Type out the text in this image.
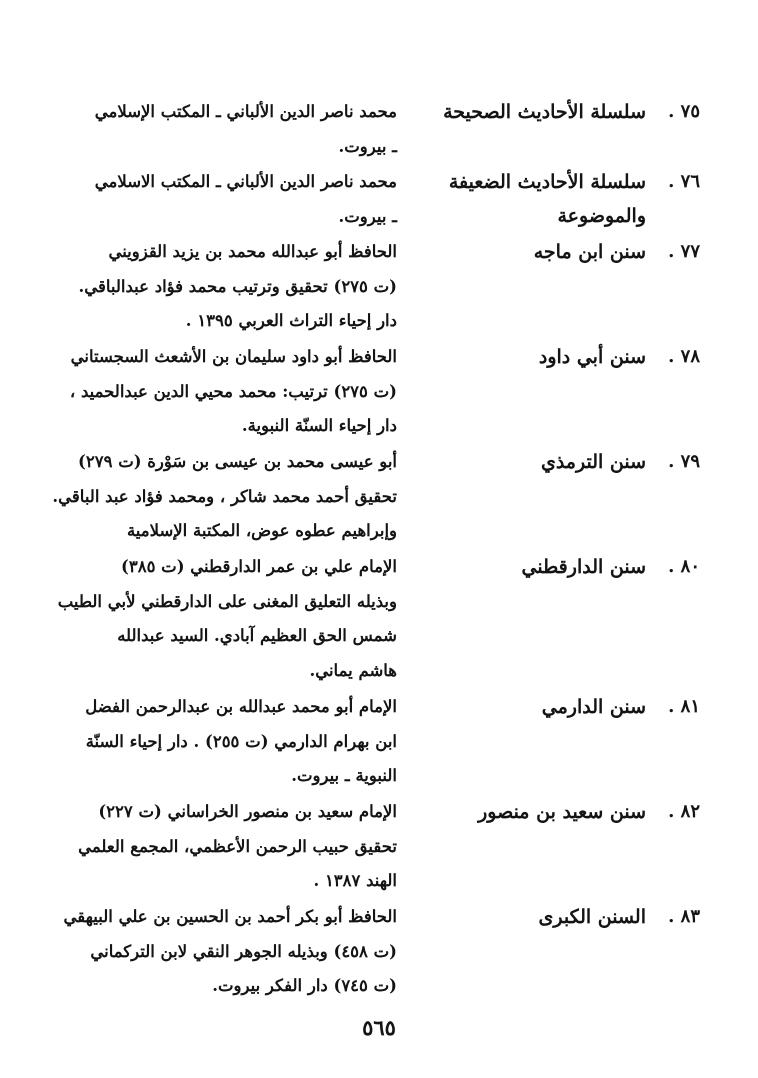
٧٥ .
سلسلة الأحاديث الصحيحة
محمد ناصر الدين الألباني ـ المكتب الإسلامي
ـ بيروت.
٧٦ .
سلسلة الأحاديث الضعيفة
والموضوعة
محمد ناصر الدين الألباني ـ المكتب الاسلامي
ـ بيروت.
٧٧ .
سنن ابن ماجه
الحافظ أبو عبدالله محمد بن يزيد القزويني
(ت ٢٧٥) تحقيق وترتيب محمد فؤاد عبدالباقي.
دار إحياء التراث العربي ١٣٩٥ .
٧٨ .
سنن أبي داود
الحافظ أبو داود سليمان بن الأشعث السجستاني
(ت ٢٧٥) ترتيب: محمد محيي الدين عبدالحميد ،
دار إحياء السنّة النبوية.
٧٩ .
سنن الترمذي
أبو عيسى محمد بن عيسى بن سَوْرة (ت ٢٧٩)
تحقيق أحمد محمد شاكر ، ومحمد فؤاد عبد الباقي.
وإبراهيم عطوه عوض، المكتبة الإسلامية
٨٠ .
سنن الدارقطني
الإمام علي بن عمر الدارقطني (ت ٣٨٥)
وبذيله التعليق المغنى على الدارقطني لأبي الطيب
شمس الحق العظيم آبادي. السيد عبدالله
هاشم يماني.
٨١ .
سنن الدارمي
الإمام أبو محمد عبدالله بن عبدالرحمن الفضل
ابن بهرام الدارمي (ت ٢٥٥) . دار إحياء السنّة
النبوية ـ بيروت.
٨٢ .
سنن سعيد بن منصور
الإمام سعيد بن منصور الخراساني (ت ٢٢٧)
تحقيق حبيب الرحمن الأعظمي، المجمع العلمي
الهند ١٣٨٧ .
٨٣ .
السنن الكبرى
الحافظ أبو بكر أحمد بن الحسين بن علي البيهقي
(ت ٤٥٨) وبذيله الجوهر النقي لابن التركماني
(ت ٧٤٥) دار الفكر بيروت.
٥٦٥
